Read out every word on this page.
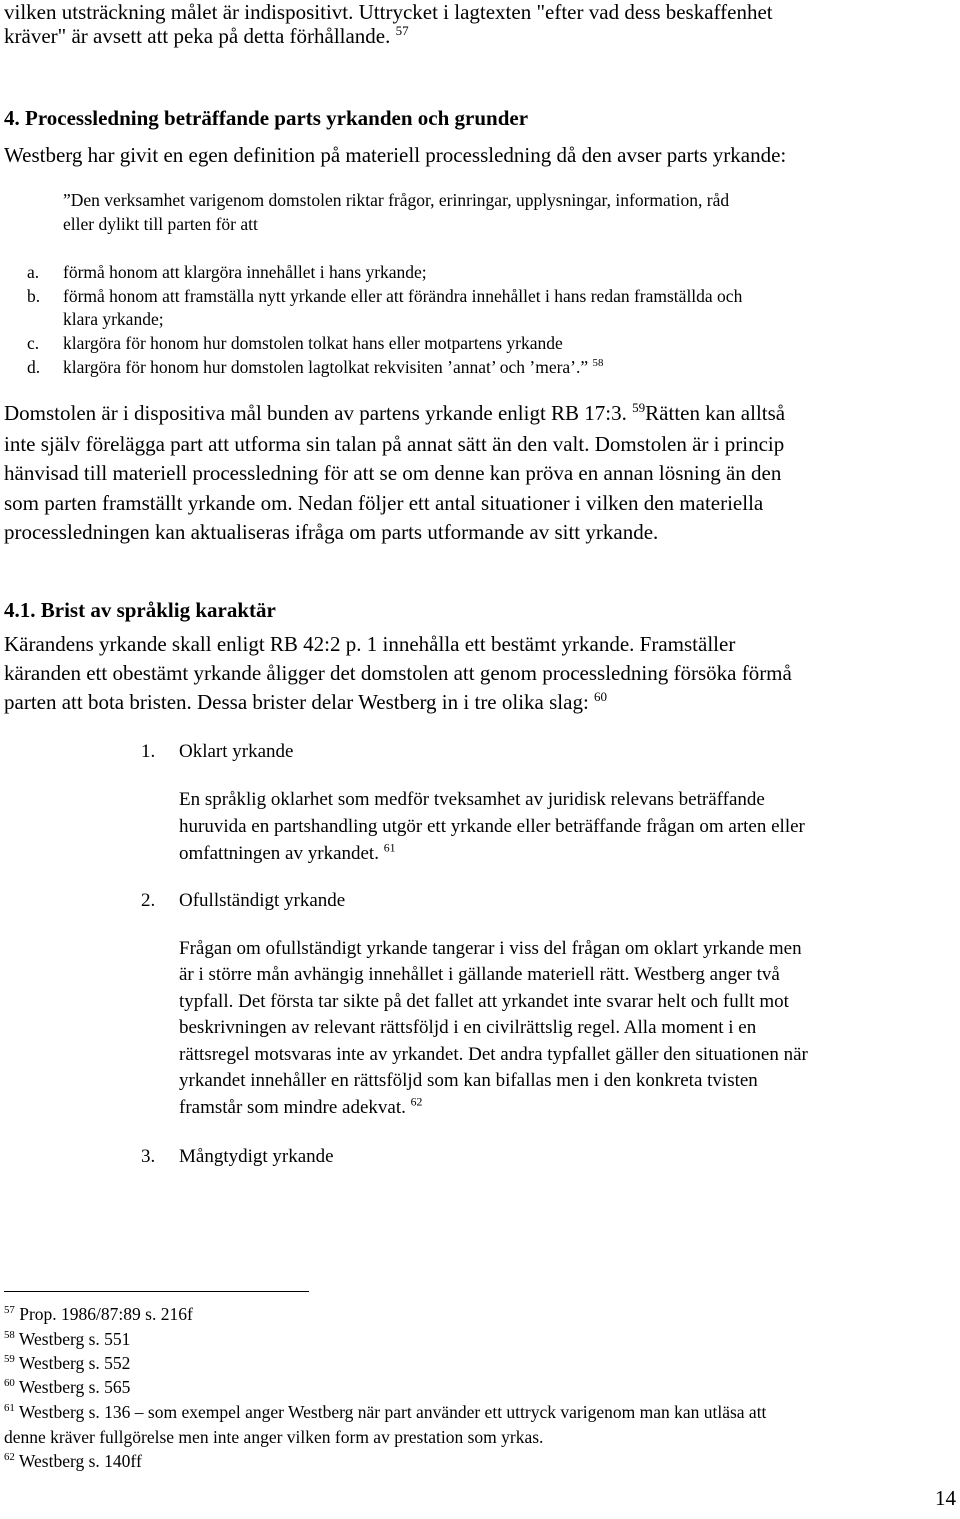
vilken utsträckning målet är indispositivt. Uttrycket i lagtexten "efter vad dess beskaffenhet
kräver" är avsett att peka på detta förhållande. $^{57}$
4. Processledning beträffande parts yrkanden och grunder
Westberg har givit en egen definition på materiell processledning då den avser parts yrkande:
”Den verksamhet varigenom domstolen riktar frågor, erinringar, upplysningar, information, råd
eller dylikt till parten för att
a. förmå honom att klargöra innehållet i hans yrkande;
b. förmå honom att framställa nytt yrkande eller att förändra innehållet i hans redan framställda och
klara yrkande;
c. klargöra för honom hur domstolen tolkat hans eller motpartens yrkande
d. klargöra för honom hur domstolen lagtolkat rekvisiten ’annat’ och ’mera’.” $^{58}$
Domstolen är i dispositiva mål bunden av partens yrkande enligt RB 17:3. $^{59}$Rätten kan alltså
inte själv förelägga part att utforma sin talan på annat sätt än den valt. Domstolen är i princip
hänvisad till materiell processledning för att se om denne kan pröva en annan lösning än den
som parten framställt yrkande om. Nedan följer ett antal situationer i vilken den materiella
processledningen kan aktualiseras ifråga om parts utformande av sitt yrkande.
4.1. Brist av språklig karaktär
Kärandens yrkande skall enligt RB 42:2 p. 1 innehålla ett bestämt yrkande. Framställer
käranden ett obestämt yrkande åligger det domstolen att genom processledning försöka förmå
parten att bota bristen. Dessa brister delar Westberg in i tre olika slag: $^{60}$
1. Oklart yrkande
En språklig oklarhet som medför tveksamhet av juridisk relevans beträffande
huruvida en partshandling utgör ett yrkande eller beträffande frågan om arten eller
omfattningen av yrkandet. $^{61}$
2. Ofullständigt yrkande
Frågan om ofullständigt yrkande tangerar i viss del frågan om oklart yrkande men
är i större mån avhängig innehållet i gällande materiell rätt. Westberg anger två
typfall. Det första tar sikte på det fallet att yrkandet inte svarar helt och fullt mot
beskrivningen av relevant rättsföljd i en civilrättslig regel. Alla moment i en
rättsregel motsvaras inte av yrkandet. Det andra typfallet gäller den situationen när
yrkandet innehåller en rättsföljd som kan bifallas men i den konkreta tvisten
framstår som mindre adekvat. $^{62}$
3. Mångtydigt yrkande
$^{57}$ Prop. 1986/87:89 s. 216f
$^{58}$ Westberg s. 551
$^{59}$ Westberg s. 552
$^{60}$ Westberg s. 565
$^{61}$ Westberg s. 136 – som exempel anger Westberg när part använder ett uttryck varigenom man kan utläsa att
denne kräver fullgörelse men inte anger vilken form av prestation som yrkas.
$^{62}$ Westberg s. 140ff
14
